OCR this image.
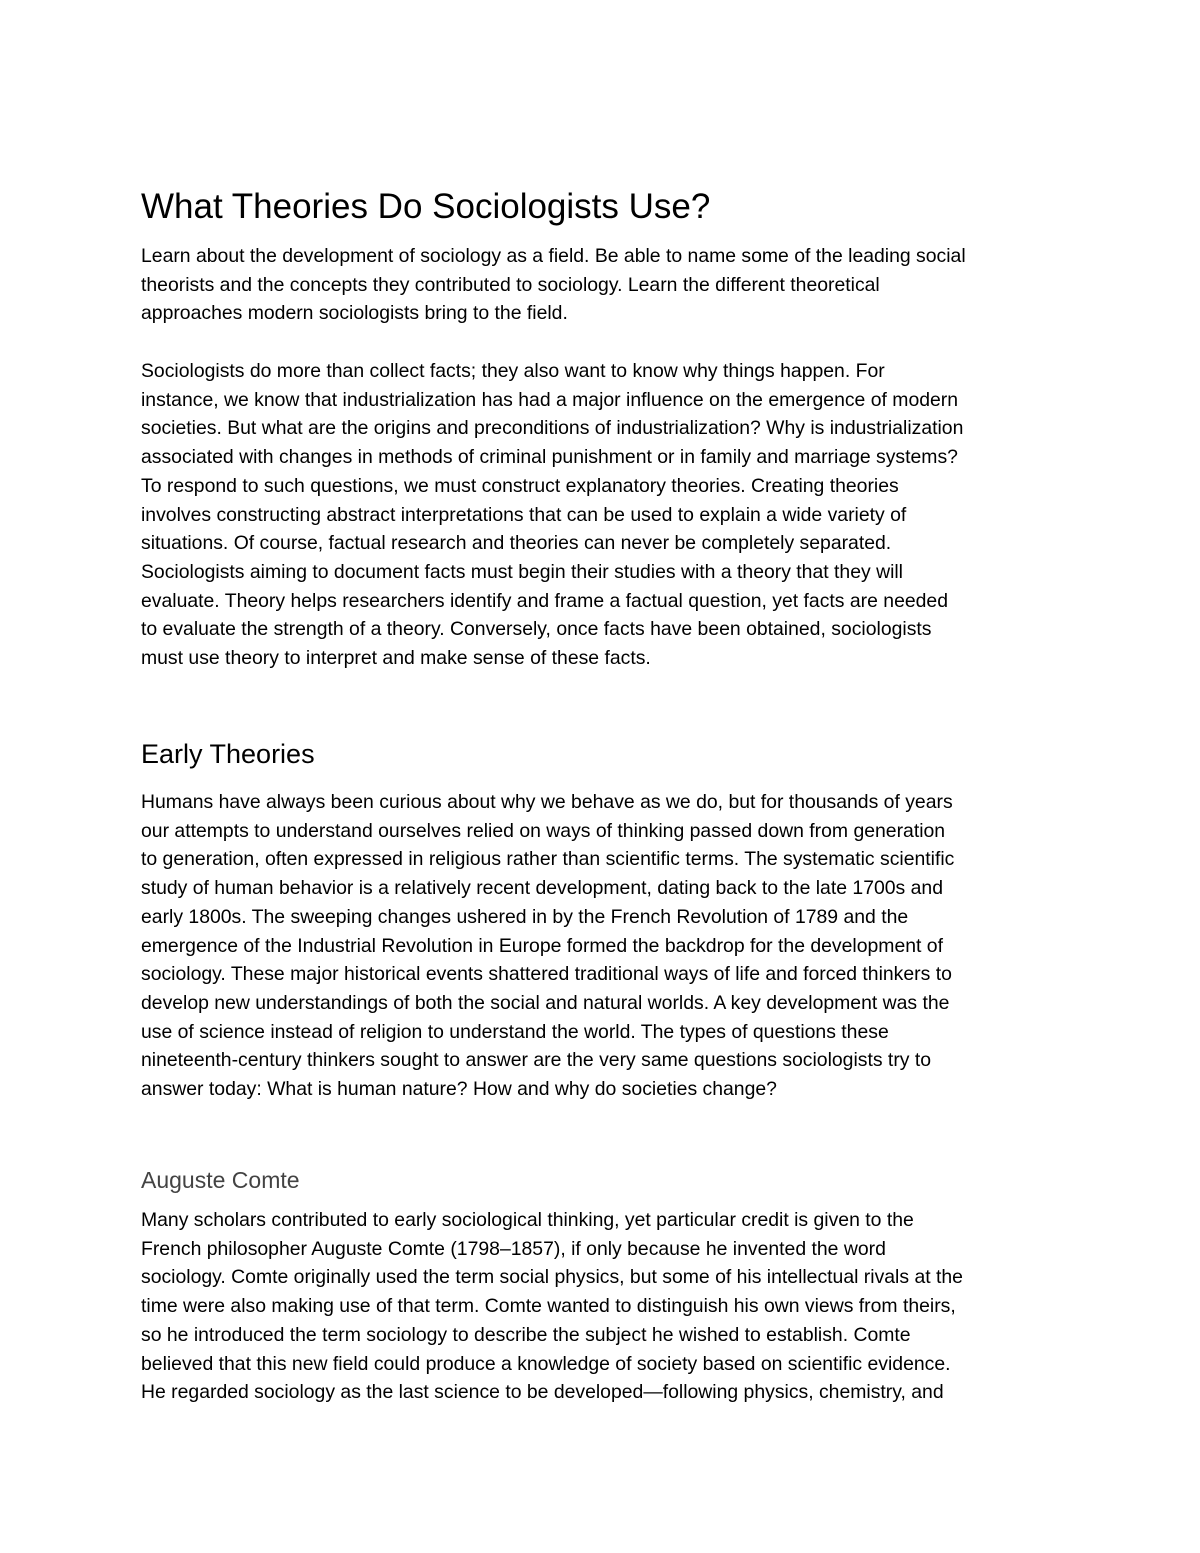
What Theories Do Sociologists Use?
Learn about the development of sociology as a field. Be able to name some of the leading social
theorists and the concepts they contributed to sociology. Learn the different theoretical
approaches modern sociologists bring to the field.
Sociologists do more than collect facts; they also want to know why things happen. For
instance, we know that industrialization has had a major influence on the emergence of modern
societies. But what are the origins and preconditions of industrialization? Why is industrialization
associated with changes in methods of criminal punishment or in family and marriage systems?
To respond to such questions, we must construct explanatory theories. Creating theories
involves constructing abstract interpretations that can be used to explain a wide variety of
situations. Of course, factual research and theories can never be completely separated.
Sociologists aiming to document facts must begin their studies with a theory that they will
evaluate. Theory helps researchers identify and frame a factual question, yet facts are needed
to evaluate the strength of a theory. Conversely, once facts have been obtained, sociologists
must use theory to interpret and make sense of these facts.
Early Theories
Humans have always been curious about why we behave as we do, but for thousands of years
our attempts to understand ourselves relied on ways of thinking passed down from generation
to generation, often expressed in religious rather than scientific terms. The systematic scientific
study of human behavior is a relatively recent development, dating back to the late 1700s and
early 1800s. The sweeping changes ushered in by the French Revolution of 1789 and the
emergence of the Industrial Revolution in Europe formed the backdrop for the development of
sociology. These major historical events shattered traditional ways of life and forced thinkers to
develop new understandings of both the social and natural worlds. A key development was the
use of science instead of religion to understand the world. The types of questions these
nineteenth-century thinkers sought to answer are the very same questions sociologists try to
answer today: What is human nature? How and why do societies change?
Auguste Comte
Many scholars contributed to early sociological thinking, yet particular credit is given to the
French philosopher Auguste Comte (1798–1857), if only because he invented the word
sociology. Comte originally used the term social physics, but some of his intellectual rivals at the
time were also making use of that term. Comte wanted to distinguish his own views from theirs,
so he introduced the term sociology to describe the subject he wished to establish. Comte
believed that this new field could produce a knowledge of society based on scientific evidence.
He regarded sociology as the last science to be developed—following physics, chemistry, and
